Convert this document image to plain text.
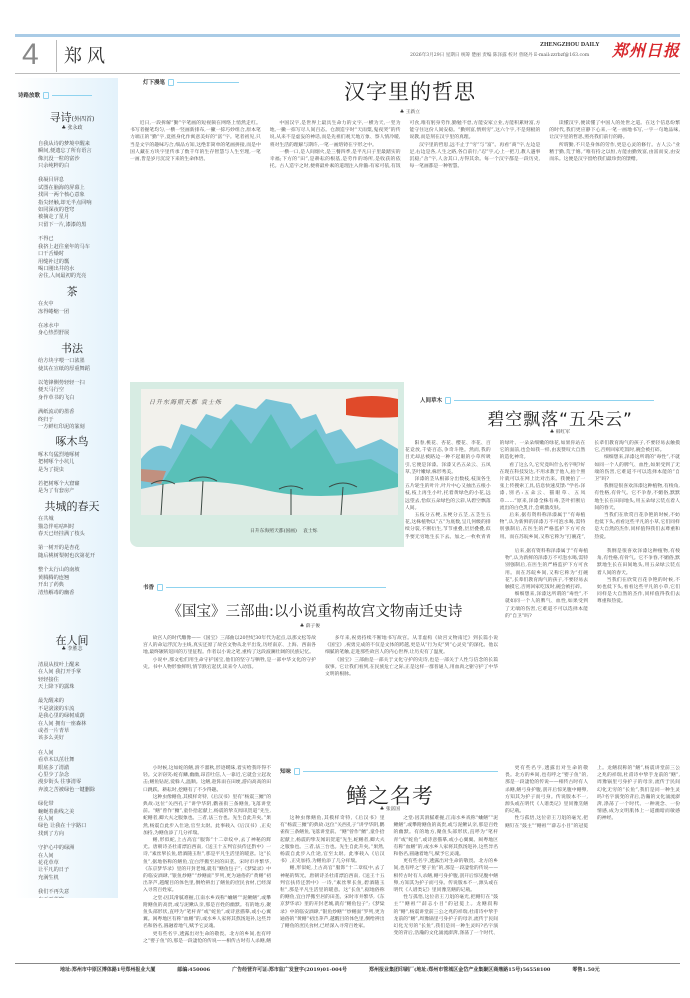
4 郑风
ZHENGZHOU DAILY
2026年3月29日 星期日 统筹 楚丽 责编 陈泽露 校对 曾晓丹 E-mail:zzrbzf@163.com 郑州日报
诗路放歌
寻诗(外四首)
♣ 张永政
自我从诗的梦境中醒来
瞬间,便遗忘了所有语言
像沉没一粒的富沙
只余纯粹的白
我凝目屏息
试图在脑海的屏幕上
找回一两个核心意象
指尖轻触,却无半点回响
如同深夜的苍穹
被摘走了星月
只留下一片,漆漆的黑
不得已
我挤上赶往童年的马车
口干舌燥时
用缝补过的瓢
喝口刚出井的水
舍住,人间最初的光亮
茶
在火中
冻得蜷缩一团
在冰水中
身心热烈舒展
书法
给方块字喂一口浓墨
使其在宣纸的厚重舞蹈
以笔锋侧势轻轻一扫
便天马行空
身作草书的飞白
满纸流动的墨香
终归于
一方鲜红印泥的篆刻
啄木鸟
啄木鸟猛烈地啄树
把树啄个小坑儿
是为了捉虫
若把树啄个大窟窿
是为了有套房产
共城的春天
在共城
猫急伴咕咕叫时
春天已经挂满了枝头
第一树开的是杏花
随后桃树梨树也次第花开
整个太行山的南坡
黄腾腾的连翘
开出了药典
清热解毒的幽香
在人间
♣ 李胜志
清晨从枝叶上醒来
在人间 我打开手掌
轻轻接住
天上降下的露珠
最先醒来的
不是滚滚的车流
是我心里的绿树成荫
在人间 拥有一座森林
或者一片青草
该多么美好
在人间
看草木以茁壮舞
眼底多了清澈
心里少了杂念
漫步街头 往事清零
奔波之苦被绿色一键删除
绿化带
蜿蜒着曲线之美
在人间
绿色 让我在十字路口
找到了方向
守护心中的绿洲
在人间
花花草草
让平凡的日子
充满生机
我们不再失意
灯下漫笔	汉字里的哲思
♣ 王新立

近日,一段拆解“勤”字笔画的短视频在网络上悄然走红。书写者握笔均匀,一横一竖画新排布,一撇一捺巧妙组合,原本笔力端正的“勤”字,竟摇身化作寓意美好的“富”字。笔者初见,只当是文字的趣味巧合,细品方知,这绝非简单的笔画拼接,而是中国人藏在方块字里传承了数千年的生存智慧与人生至理,一笔一画,皆是岁月沉淀下来的生命体悟。

中国汉字,是世界上最具生命力的文字,一横为天,一竖为地,一撇一捺写尽人间百态。仓颉造字时“天雨粟,鬼夜哭”的传说,从来不是虚妄的神话,而是先祖们观天地万象、察人情冷暖,将对生活的理解与期许,一笔一画熔铸在字形之中。

一横一口,是人间烟火,是三餐四季,是平凡日子里最踏实的幸福;下方的“田”,是耕耘的根基,是劳作的场所,是收获的依托。古人造字之时,便将最朴素的道理注入骨髓:有家可依,有饭可食,唯有躬身劳作,勤勉不怠,方能安家立业,方能积累财富,方能守住这份人间安稳。“勤则富,惰则穷”,这六个字,不是刻板的说教,而是刻在汉字里的真理。

汉字里的哲思,远不止于“穷”与“富”。再看“商”字,左边是足,右边是各,人生之路,各自前行;“忍”字,心上一把刀,教人遇事沉稳;“舍”字,人舍其口,方得其余。每一个汉字都是一段历史,每一笔画都是一种智慧。

读懂汉字,便读懂了中国人的处世之道。在这个信息纷繁的时代,我们更应静下心来,一笔一画地书写,一字一句地品味,让汉字里的哲思,照亮我们前行的路。

所谓勤,不只是身体的劳作,更是心灵的修行。古人云:“业精于勤,荒于嬉。”唯有持之以恒,方能由勤致富,由富而安,由安而乐。这便是汉字留给我们最珍贵的馈赠。

日升东海照天都 袁士烁
日升东海照天都(国画) 袁士烁
人间草木
碧空飘落“五朵云”
♣ 韩红军

阳春,桃花、杏花、樱花、李花、百花竞放,千姿百态,争奇斗艳。然而,我的目光却总被路边一种不起眼的小草所吸引,它便是泽漆。泽漆又名五朵云、五凤草,茎叶嫩绿,株形秀美。

泽漆的茎从根部分出数枝,枝顶各生五片轮生的叶片,叶片中心又抽出五根小枝,枝上再生小叶,托着黄绿色的小花,远远望去,恰似五朵绿色的云彩,从碧空飘落人间。

五枝分五梗,五梗分五茎,五茎生五花,这株植物以“五”为底数,呈几何级的排续分裂,不断衍生,节节重叠,层层叠叠,似乎要无穷地生长下去。加之,一枚枚青青的绿叶、一朵朵细嫩的绿花,如果你站在它的面前,也会如我一样,由衷赞叹大自然的造化神奇。

看了这么久,它究竟叫什么名字呢?好在现在科技发达,不用求教于他人,拍个照片就可以在网上比对出来。我便拍了一张上传搜索工具,信息快速反馈:“学名:泽漆,别名:五朵云、猫眼草、五凤草……”原来,泽漆全株有毒,茎叶折断后流出的白色乳汁,会刺激皮肤。

后来,据有资料称泽漆属于“有毒植物”,认为新鲜的泽漆万不可泡水喝,需特别强制后,在医生的严格监护下方可食用。而在苏皖乡间,又称它称为“打碗花”,长辈们教育淘气的孩子,不要轻易去触摸它,否则回家吃饭时,碗会被打碎。

细细想来,泽漆这所谓的“毒性”,不就如同一个人的脾气、血性,如果受到了无端的伤害,它难道不可以选择本能的“自卫”吗?

我倒是很喜欢泽漆这种植物,有棱角,有性格,有骨气。它不争春,不媚俗,默默地生长在田间地头,用五朵绿云装点着人间的春天。

当我们在欣赏百花争艳的时候,不妨也低下头,看看这些平凡的小草,它们同样是大自然的杰作,同样值得我们去尊重和热爱。

后来,据有资料称泽漆属于“有毒植物”,认为新鲜的泽漆万不可泡水喝,需特别强制后,在医生的严格监护下方可食用。而在苏皖乡间,又称它称为“打碗花”,长辈们教育淘气的孩子,不要轻易去触摸它,否则回家吃饭时,碗会被打碎。

细细想来,泽漆这所谓的“毒性”,不就如同一个人的脾气、血性,如果受到了无端的伤害,它难道不可以选择本能的“自卫”吗?

我倒是很喜欢泽漆这种植物,有棱角,有性格,有骨气。它不争春,不媚俗,默默地生长在田间地头,用五朵绿云装点着人间的春天。

当我们在欣赏百花争艳的时候,不妨也低下头,看看这些平凡的小草,它们同样是大自然的杰作,同样值得我们去尊重和热爱。

书香
《国宝》三部曲:以小说重构故宫文物南迁史诗
♣ 薛子俊

故宫人的时代雕像——《国宝》三部曲以20世纪30年代为起点,以那文松等故宫人的命运浮沉为主线,真实还原了故宫文物从北平出发,历经南京、上海、西南各地,最终辗转返回的万里征程。作者以小说之笔,重构了这段波澜壮阔的民族记忆。

小说中,那文松们用生命守护国宝,他们的坚守与牺牲,是一部中华文化的守护史。书中人物形象鲜明,情节跌宕起伏,读来令人动容。

多年来,祝勇持续不断地书写故宫。从非虚构《故宫文物南迁》到长篇小说《国宝》,祝勇完成的不仅是文体的跨越,更是从“行为史”到“心灵史”的深化。他以细腻的笔触,走进那些故宫人的内心世界,让历史有了温度。

《国宝》三部曲是一部关于文化守护的史诗,也是一部关于人性与信念的长篇叙事。它让我们看到,在民族危亡之际,正是这样一群普通人,用血肉之躯守护了中华文明的根脉。

小时候,这如蛇的鳝,滑不溜秋,形迹暧昧,着实给我吓得不轻。父亲窃笑:蛇有鳞,幽幽,昂首吐信,人一靠近,它就会立起攻击;鳝鱼钻泥,爱躲人,温顺。这鳝,趁阵雨在田埂,游向高高的田口跳跃。耕耘时,挖鳝有了不少得趣。

这种虫像鳝鱼,其模样奇特,《后汉书》里有“杨震三鳣”的典故:这位“关西孔子”讲学华阴,鹳雀衔三条鳝鱼,飞落讲堂前。“鳝”曾作“鳣”,童仆拾起献上,杨震的挚友闻讯贺道“先生,蛇鳝者,卿大夫之服象也。三者,法三台也。先生自此升矣。”果然,杨震自此步入仕途,官至太尉。此事载入《后汉书》,正史加持,为鳝鱼添了几分祥瑞。

鳝,形似蛇,上古高官“服饰”十二章纹中,去了神秘的辉光。唐朝诗圣杜甫漂泊西南,《送王十五判官扶侍还黔中》一诗,“素丝挈长鱼,碧酒随玉粒”,那是平凡生活里的暖意。这“长鱼”,据地俗称的鳝鱼,宜白浮搬至居的田垄。宋时市井繁华,《东京梦华录》里的开封老城,就有“鳝鱼包子”;《梦粱录》中的临安酒肆,“银鱼炒鳝”“炒鳝面”罗列,更为通俗的“黄鳝”初出茅芦,越醒目的体色里,倒给辨出了鳝鱼的庶民食材,已经深入寻常百姓家。

之堂:因其滑腻难握,江南水乡戏称“蛐鳝”“泥鳅鳝”,或攀附鳝鱼的高贵,或与泥鳅认亲,那是百姓的幽默。有的地方,聚鱼头部形状,直呼为“笔杆青”或“蛇鱼”,或诗意描摹,或小心翼翼。闽粤地区有称“血鳝”的,或水乡人家将其熬汤进补,这些异名和俗名,圆融着地气,赋予它灵魂。

更有些名字,透露出对生命的敬畏。北方的乡间,也有呼之“婴子鱼”的,那是一段凄怆的传说——相传古时有人杀鳝,鳝

知味
鳝之名考
♣ 张富国

这种虫像鳝鱼,其模样奇特,《后汉书》里有“杨震三鳣”的典故:这位“关西孔子”讲学华阴,鹳雀衔三条鳝鱼,飞落讲堂前。“鳝”曾作“鳣”,童仆拾起献上,杨震的挚友闻讯贺道“先生,蛇鳝者,卿大夫之服象也。三者,法三台也。先生自此升矣。”果然,杨震自此步入仕途,官至太尉。此事载入《后汉书》,正史加持,为鳝鱼添了几分祥瑞。

鳝,形似蛇,上古高官“服饰”十二章纹中,去了神秘的辉光。唐朝诗圣杜甫漂泊西南,《送王十五判官扶侍还黔中》一诗,“素丝挈长鱼,碧酒随玉粒”,那是平凡生活里的暖意。这“长鱼”,据地俗称的鳝鱼,宜白浮搬至居的田垄。宋时市井繁华,《东京梦华录》里的开封老城,就有“鳝鱼包子”;《梦粱录》中的临安酒肆,“银鱼炒鳝”“炒鳝面”罗列,更为通俗的“黄鳝”初出茅芦,越醒目的体色里,倒给辨出了鳝鱼的庶民食材,已经深入寻常百姓家。

之堂:因其滑腻难握,江南水乡戏称“蛐鳝”“泥鳅鳝”,或攀附鳝鱼的高贵,或与泥鳅认亲,那是百姓的幽默。有的地方,聚鱼头部形状,直呼为“笔杆青”或“蛇鱼”,或诗意描摹,或小心翼翼。闽粤地区有称“血鳝”的,或水乡人家将其熬汤进补,这些异名和俗名,圆融着地气,赋予它灵魂。

更有些名字,透露出对生命的敬畏。北方的乡间,也有呼之“婴子鱼”的,那是一段凄怆的传说——相传古时有人杀鳝,鳝弓身护腹,剖开后惊见腹中鳝卵,方知其为护子而弓身。传说版本不一,源头或在明代《人谱类记》里同豫烹鳝的记载。

性与孤悟,这位帝王刀俎的毫光,把鳝钉在“鼓主”“鳝祖”“薛志小目”的冠冕上。龙鳝叔称的“鳝”,杨震讲堂前三公之兆的祥瑞,杜甫诗中挚手龙前的“鳝”,周豫锅里弓身护子的母亲,流传于民间幻化无穷的“长鱼”,我们是同一种生灵吗?名字演变的背后,浩瀚的文化涌流澎湃,涤荡了一个时代、

更有些名字,透露出对生命的敬畏。北方的乡间,也有呼之“婴子鱼”的,那是一段凄怆的传说——相传古时有人杀鳝,鳝弓身护腹,剖开后惊见腹中鳝卵,方知其为护子而弓身。传说版本不一,源头或在明代《人谱类记》里同豫烹鳝的记载。

性与孤悟,这位帝王刀俎的毫光,把鳝钉在“鼓主”“鳝祖”“薛志小目”的冠冕上。龙鳝叔称的“鳝”,杨震讲堂前三公之兆的祥瑞,杜甫诗中挚手龙前的“鳝”,周豫锅里弓身护子的母亲,流传于民间幻化无穷的“长鱼”,我们是同一种生灵吗?名字演变的背后,浩瀚的文化涌流澎湃,涤荡了一个时代、一种观念、一份情感,成为文明肌体上一道幽暗而敏感的神经。

地址:郑州市中原区博体路1号郑州报业大厦	邮编:450006	广告经营许可证:郑市监广发登字(2019)01-004号	郑州报业集团印刷厂(地址:郑州市管城区金岱产业集聚区商鼎路15号)56558100	零售1.50元
